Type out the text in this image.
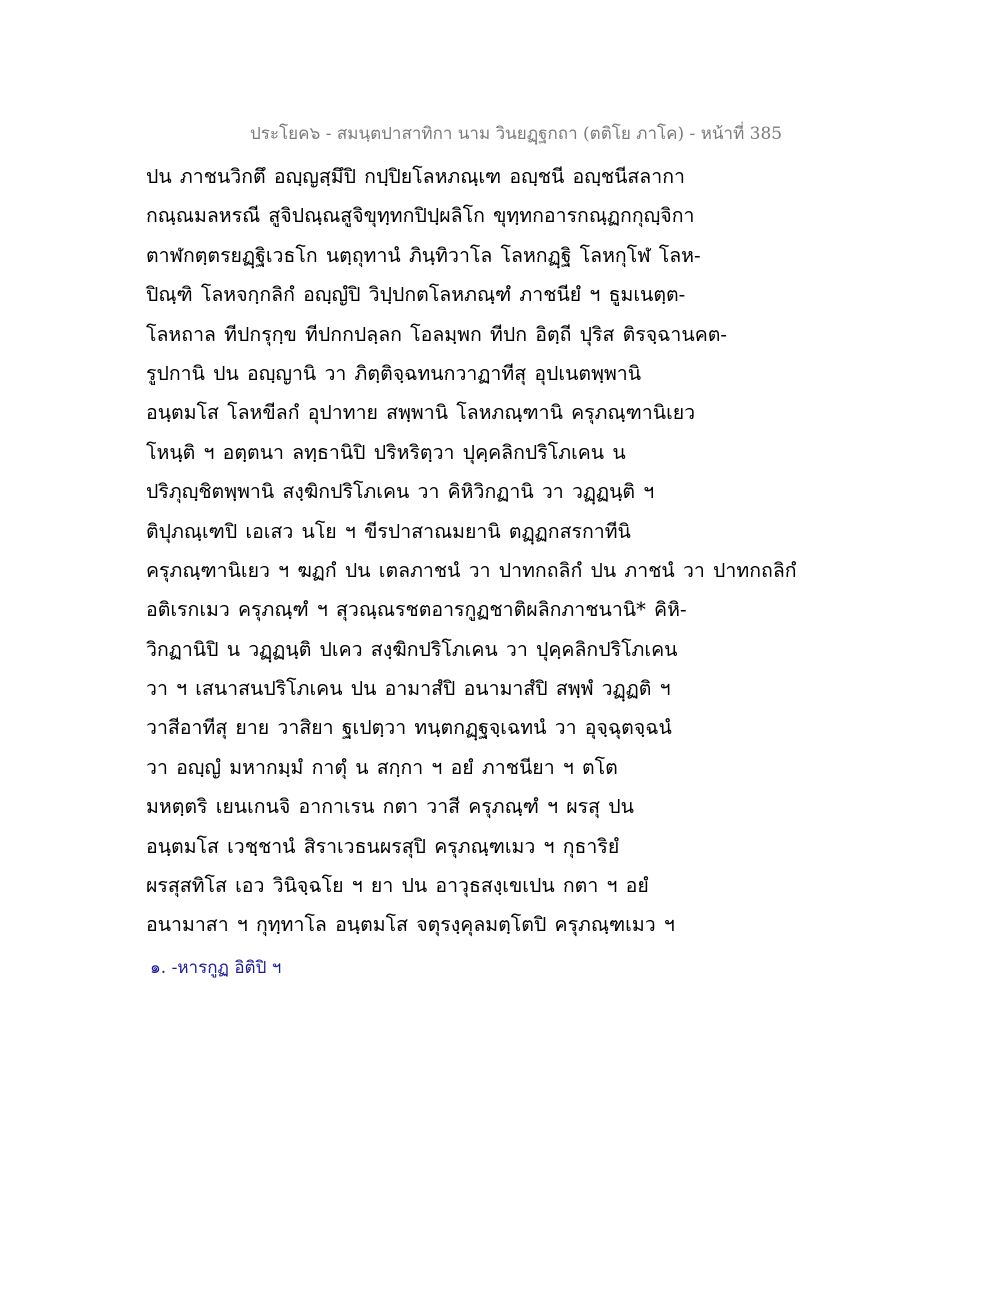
ประโยค๖ - สมนฺตปาสาทิกา นาม วินยฏฺฐกถา (ตติโย ภาโค) - หน้าที่ 385
ปน ภาชนวิกตึ อญฺญสฺมึปิ กปฺปิยโลหภณฺเฑ อญฺชนี อญฺชนีสลากา
กณฺณมลหรณี สูจิปณฺณสูจิขุทฺทกปิปฺผลิโก ขุทฺทกอารกณฺฏกกุญฺจิกา
ตาฬกตฺตรยฏฺฐิเวธโก นตฺถุทานํ ภินฺทิวาโล โลหกฏฺฐิ โลหกุโฬ โลห-
ปิณฺฑิ โลหจกฺกลิกํ อญฺญํปิ วิปฺปกตโลหภณฺฑํ ภาชนียํ ฯ ธูมเนตฺต-
โลหถาล ทีปกรุกฺข ทีปกกปลฺลก โอลมฺพก ทีปก อิตฺถี ปุริส ติรจฺฉานคต-
รูปกานิ ปน อญฺญานิ วา ภิตฺติจฺฉทนกวาฏาทีสุ อุปเนตพฺพานิ
อนฺตมโส โลหขีลกํ อุปาทาย สพฺพานิ โลหภณฺฑานิ ครุภณฺฑานิเยว
โหนฺติ ฯ อตฺตนา ลทฺธานิปิ ปริหริตฺวา ปุคฺคลิกปริโภเคน น
ปริภุญฺชิตพฺพานิ สงฺฆิกปริโภเคน วา คิหิวิกฏานิ วา วฏฺฏนฺติ ฯ
ติปุภณฺเฑปิ เอเสว นโย ฯ ขีรปาสาณมยานิ ตฏฺฏกสรกาทีนิ
ครุภณฺฑานิเยว ฯ ฆฏกํ ปน เตลภาชนํ วา ปาทกถลิกํ ปน ภาชนํ วา ปาทกถลิกํ
อติเรกเมว ครุภณฺฑํ ฯ สุวณฺณรชตอารกูฏชาติผลิกภาชนานิ* คิหิ-
วิกฏานิปิ น วฏฺฏนฺติ ปเคว สงฺฆิกปริโภเคน วา ปุคฺคลิกปริโภเคน
วา ฯ เสนาสนปริโภเคน ปน อามาสํปิ อนามาสํปิ สพฺพํ วฏฺฏติ ฯ
วาสีอาทีสุ ยาย วาสิยา ฐเปตฺวา ทนฺตกฏฺฐจฺเฉทนํ วา อุจฺฉุตจฺฉนํ
วา อญฺญํ มหากมฺมํ กาตุํ น สกฺกา ฯ อยํ ภาชนียา ฯ ตโต
มหตฺตริ เยนเกนจิ อากาเรน กตา วาสี ครุภณฺฑํ ฯ ผรสุ ปน
อนฺตมโส เวชฺชานํ สิราเวธนผรสุปิ ครุภณฺฑเมว ฯ กุธาริยํ
ผรสุสทิโส เอว วินิจฺฉโย ฯ ยา ปน อาวุธสงฺเขเปน กตา ฯ อยํ
อนามาสา ฯ กุทฺทาโล อนฺตมโส จตุรงฺคุลมตฺโตปิ ครุภณฺฑเมว ฯ
๑. -หารกูฏ อิติปิ ฯ
